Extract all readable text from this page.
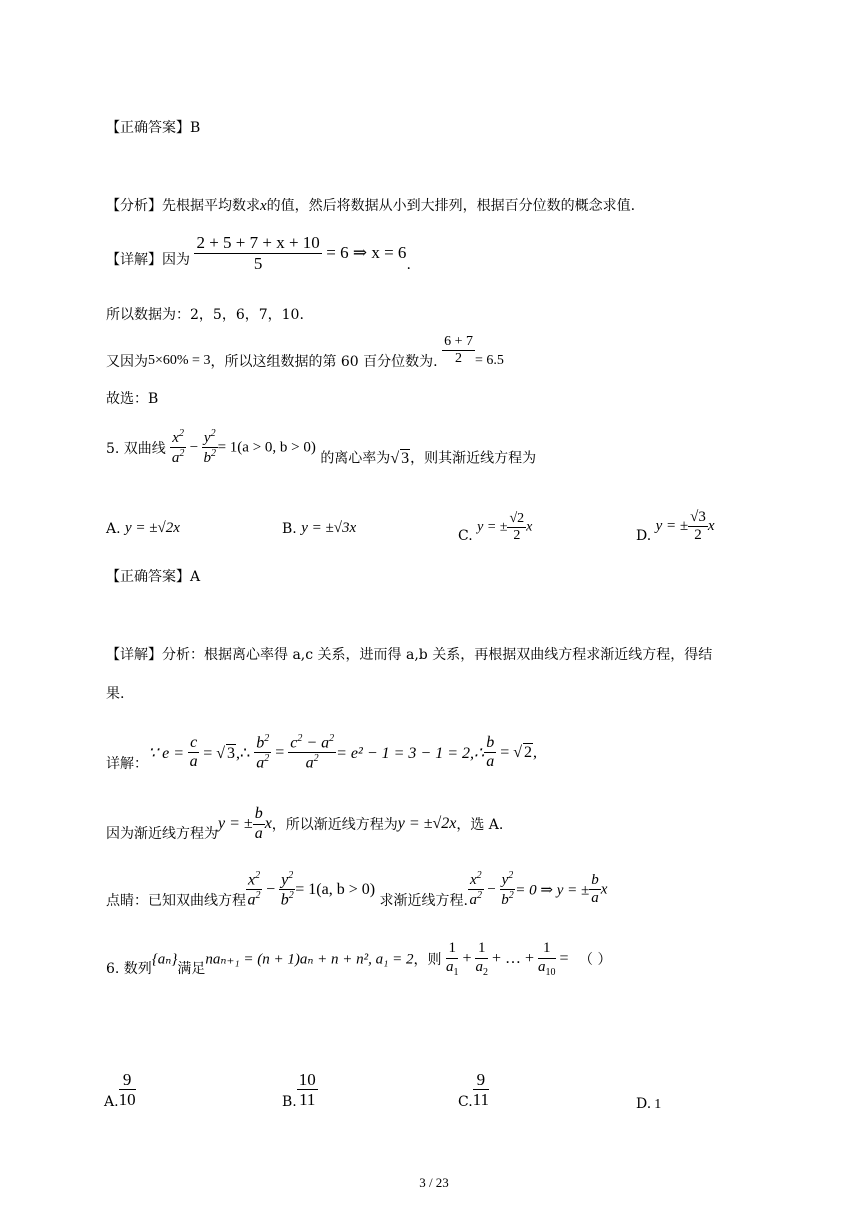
【正确答案】B
【分析】先根据平均数求x的值，然后将数据从小到大排列，根据百分位数的概念求值.
【详解】因为 $\frac{2 + 5 + 7 + x + 10}{5} = 6$ ⇒ x = 6.
所以数据为：2，5，6，7，10.
又因为5×60% = 3，所以这组数据的第 60 百分位数为. $\frac{6 + 7}{2} = 6.5$
故选：B
5. 双曲线 $\frac{x^2}{a^2} - \frac{y^2}{b^2} = 1(a > 0$, b > 0) 的离心率为√ 3，则其渐近线方程为
A. y = ±√2x	B. y = ±√3x	C. y = ± $\frac{√2}{2}$ x
D. y = ± $\frac{√3}{2}$ x
【正确答案】A
【详解】分析：根据离心率得 a,c 关系，进而得 a,b 关系，再根据双曲线方程求渐近线方程，得结
果.
详解：∵ $e = \frac{c}{a}$ = √ 3,∴ $\frac{b^2}{a^2} = \frac{c^2 - a^2}{a^2} = e^2 - 1 = 3 - 1$ = 2,∴ $\frac{b}{a}$ = √ 2,
因为渐近线方程为y = ± $\frac{b}{a}$ x，所以渐近线方程为y = ±√2x，选 A.
点睛：已知双曲线方程 $\frac{x^2}{a^2} - \frac{y^2}{b^2} = 1(a$, b > 0) 求渐近线方程. $\frac{x^2}{a^2} - \frac{y^2}{b^2} = 0$ ⇒ y = ± $\frac{b}{a}$ x
6. 数列{aₙ}满足naₙ₊₁ = (n + 1)aₙ + n + n², a₁ = 2，则 $\frac{1}{a_1} + \frac{1}{a_2}$ + … + $\frac{1}{a_{10}}$ = （ ）
A. $\frac{9}{10}$	B. $\frac{10}{11}$	C. $\frac{9}{11}$	D. 1
3 / 23
